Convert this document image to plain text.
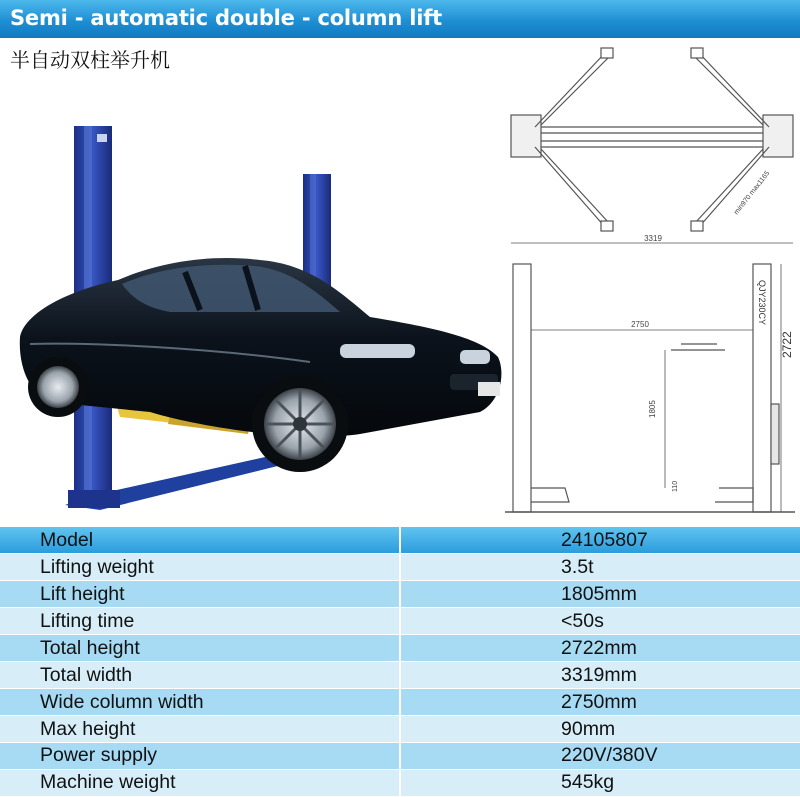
Semi - automatic double - column lift
半自动双柱举升机
3319
min970 max1165
2750
2722
1805
110
QJY230CY
Model	24105807
Lifting weight	3.5t
Lift height	1805mm
Lifting time	<50s
Total height	2722mm
Total width	3319mm
Wide column width	2750mm
Max height	90mm
Power supply	220V/380V
Machine weight	545kg
